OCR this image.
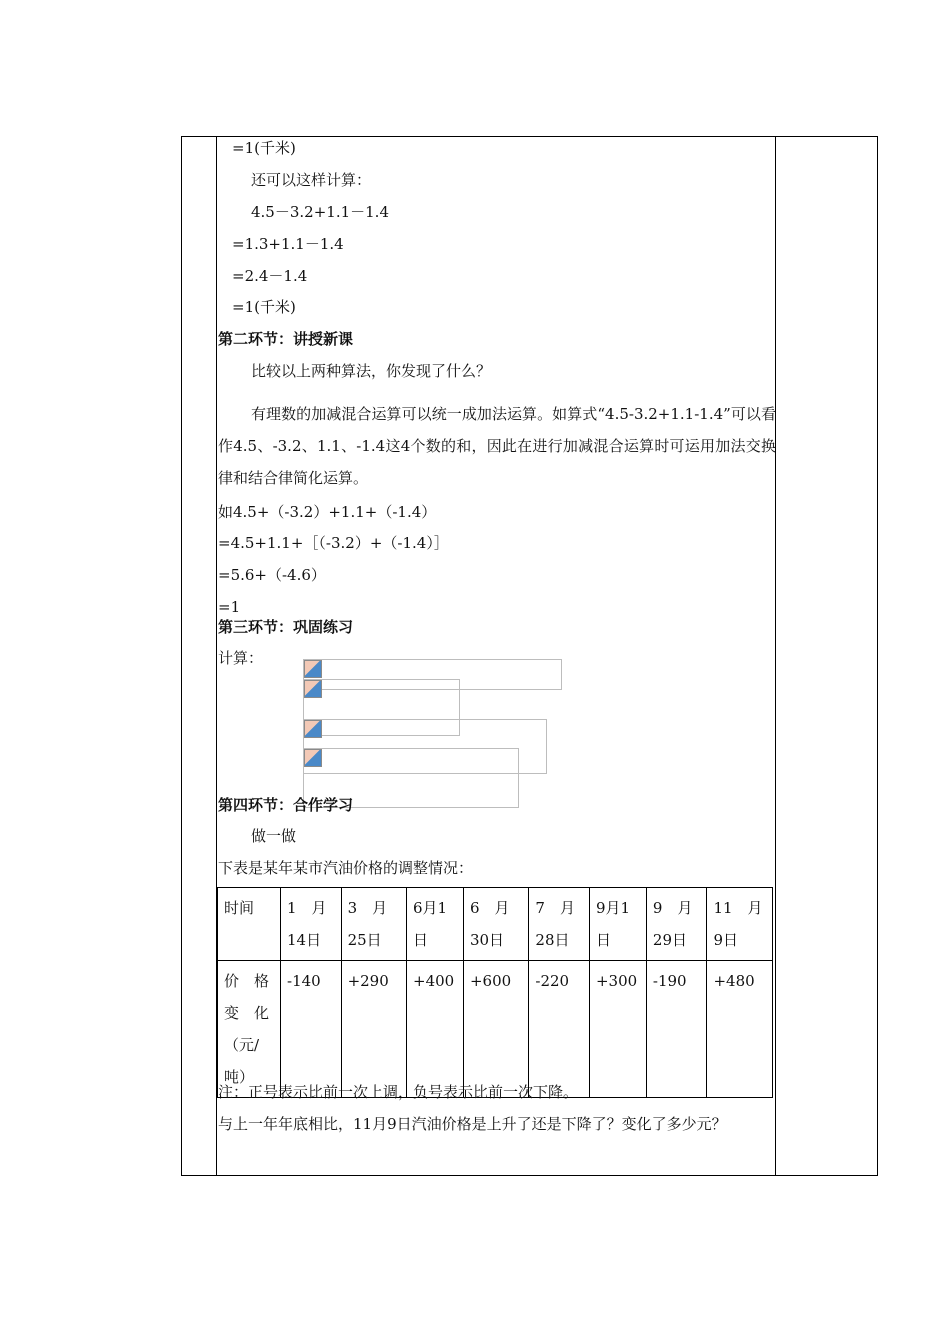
=1(千米)
还可以这样计算：
4.5－3.2+1.1－1.4
=1.3+1.1－1.4
=2.4－1.4
=1(千米)
第二环节：讲授新课
比较以上两种算法，你发现了什么？
有理数的加减混合运算可以统一成加法运算。如算式“4.5-3.2+1.1-1.4”可以看作4.5、-3.2、1.1、-1.4这4个数的和，因此在进行加减混合运算时可运用加法交换律和结合律简化运算。
如4.5+（-3.2）+1.1+（-1.4）
=4.5+1.1+［（-3.2）+（-1.4）］
=5.6+（-4.6）
=1
第三环节：巩固练习
计算：
第四环节：合作学习
做一做
下表是某年某市汽油价格的调整情况：
时间	1　月14日	3　月25日	6月1日	6　月30日	7　月28日	9月1日	9　月29日	11　月9日
价　格变　化（元/吨）	-140	+290	+400	+600	-220	+300	-190	+480
注：正号表示比前一次上调，负号表示比前一次下降。
与上一年年底相比，11月9日汽油价格是上升了还是下降了？变化了多少元？
